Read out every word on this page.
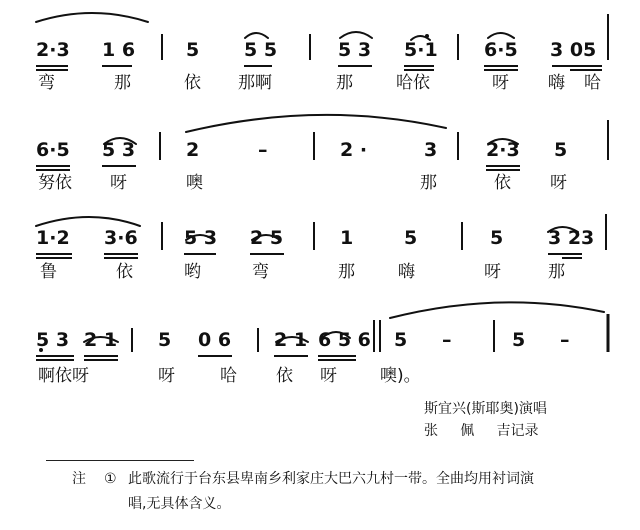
2·3 1 6	5 5 5	5 3 5·1 6·5 3 05
弯	那	依 那啊	那	哈依	呀 嗨 哈
6·5 5 3	2	–	2 ·	3	2·3 5
努依 呀	噢	那	依 呀
1·2 3·6 5 3 2 5	1	5	5 3 23
鲁	依	哟	弯	那	嗨	呀	那
5 3 2 1 5 0 6 2 1 6 5 6 5 –	5 –
啊依呀	呀	哈 依 呀	噢)。
斯宜兴(斯耶奥)演唱
张     佩     吉记录
注 ① 此歌流行于台东县卑南乡利家庄大巴六九村一带。全曲均用衬词演
唱,无具体含义。
